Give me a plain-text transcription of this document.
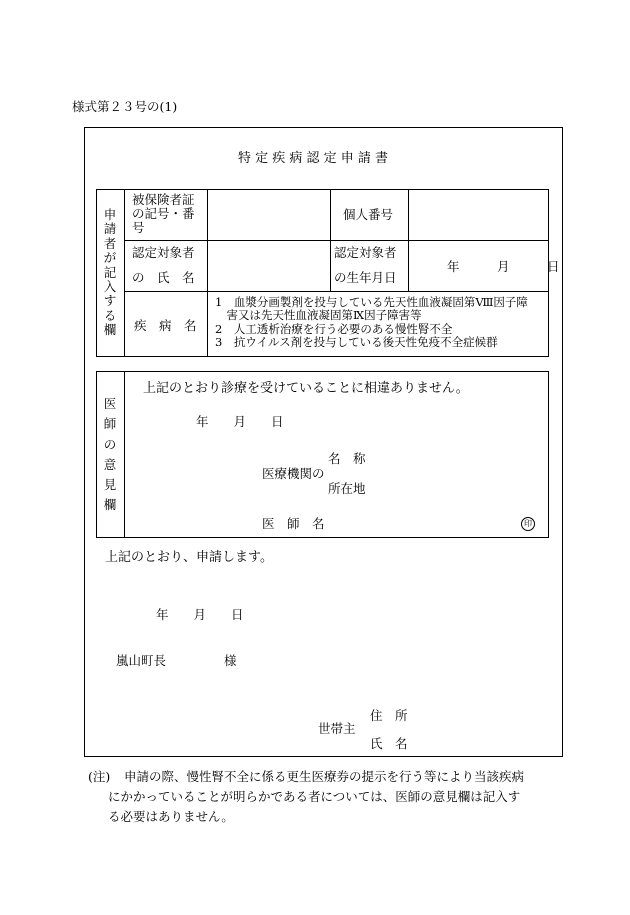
様式第２３号の(1)
特 定 疾 病 認 定 申 請 書
申
請
者
が
記
入
す
る
欄
被保険者証
の記号・番
号
個人番号
認定対象者
の　氏　名
認定対象者
の生年月日
年　　　月　　　日
疾　病　名
1　血漿分画製剤を投与している先天性血液凝固第Ⅷ因子障
　害又は先天性血液凝固第Ⅸ因子障害等
2　人工透析治療を行う必要のある慢性腎不全
3　抗ウイルス剤を投与している後天性免疫不全症候群
医
師
の
意
見
欄
上記のとおり診療を受けていることに相違ありません。
年　　月　　日
名　称
医療機関の
所在地
医　師　名	印
上記のとおり、申請します。
年　　月　　日
嵐山町長	様
住　所
世帯主
氏　名
(注) 申請の際、慢性腎不全に係る更生医療券の提示を行う等により当該疾病
にかかっていることが明らかである者については、医師の意見欄は記入す
る必要はありません。
